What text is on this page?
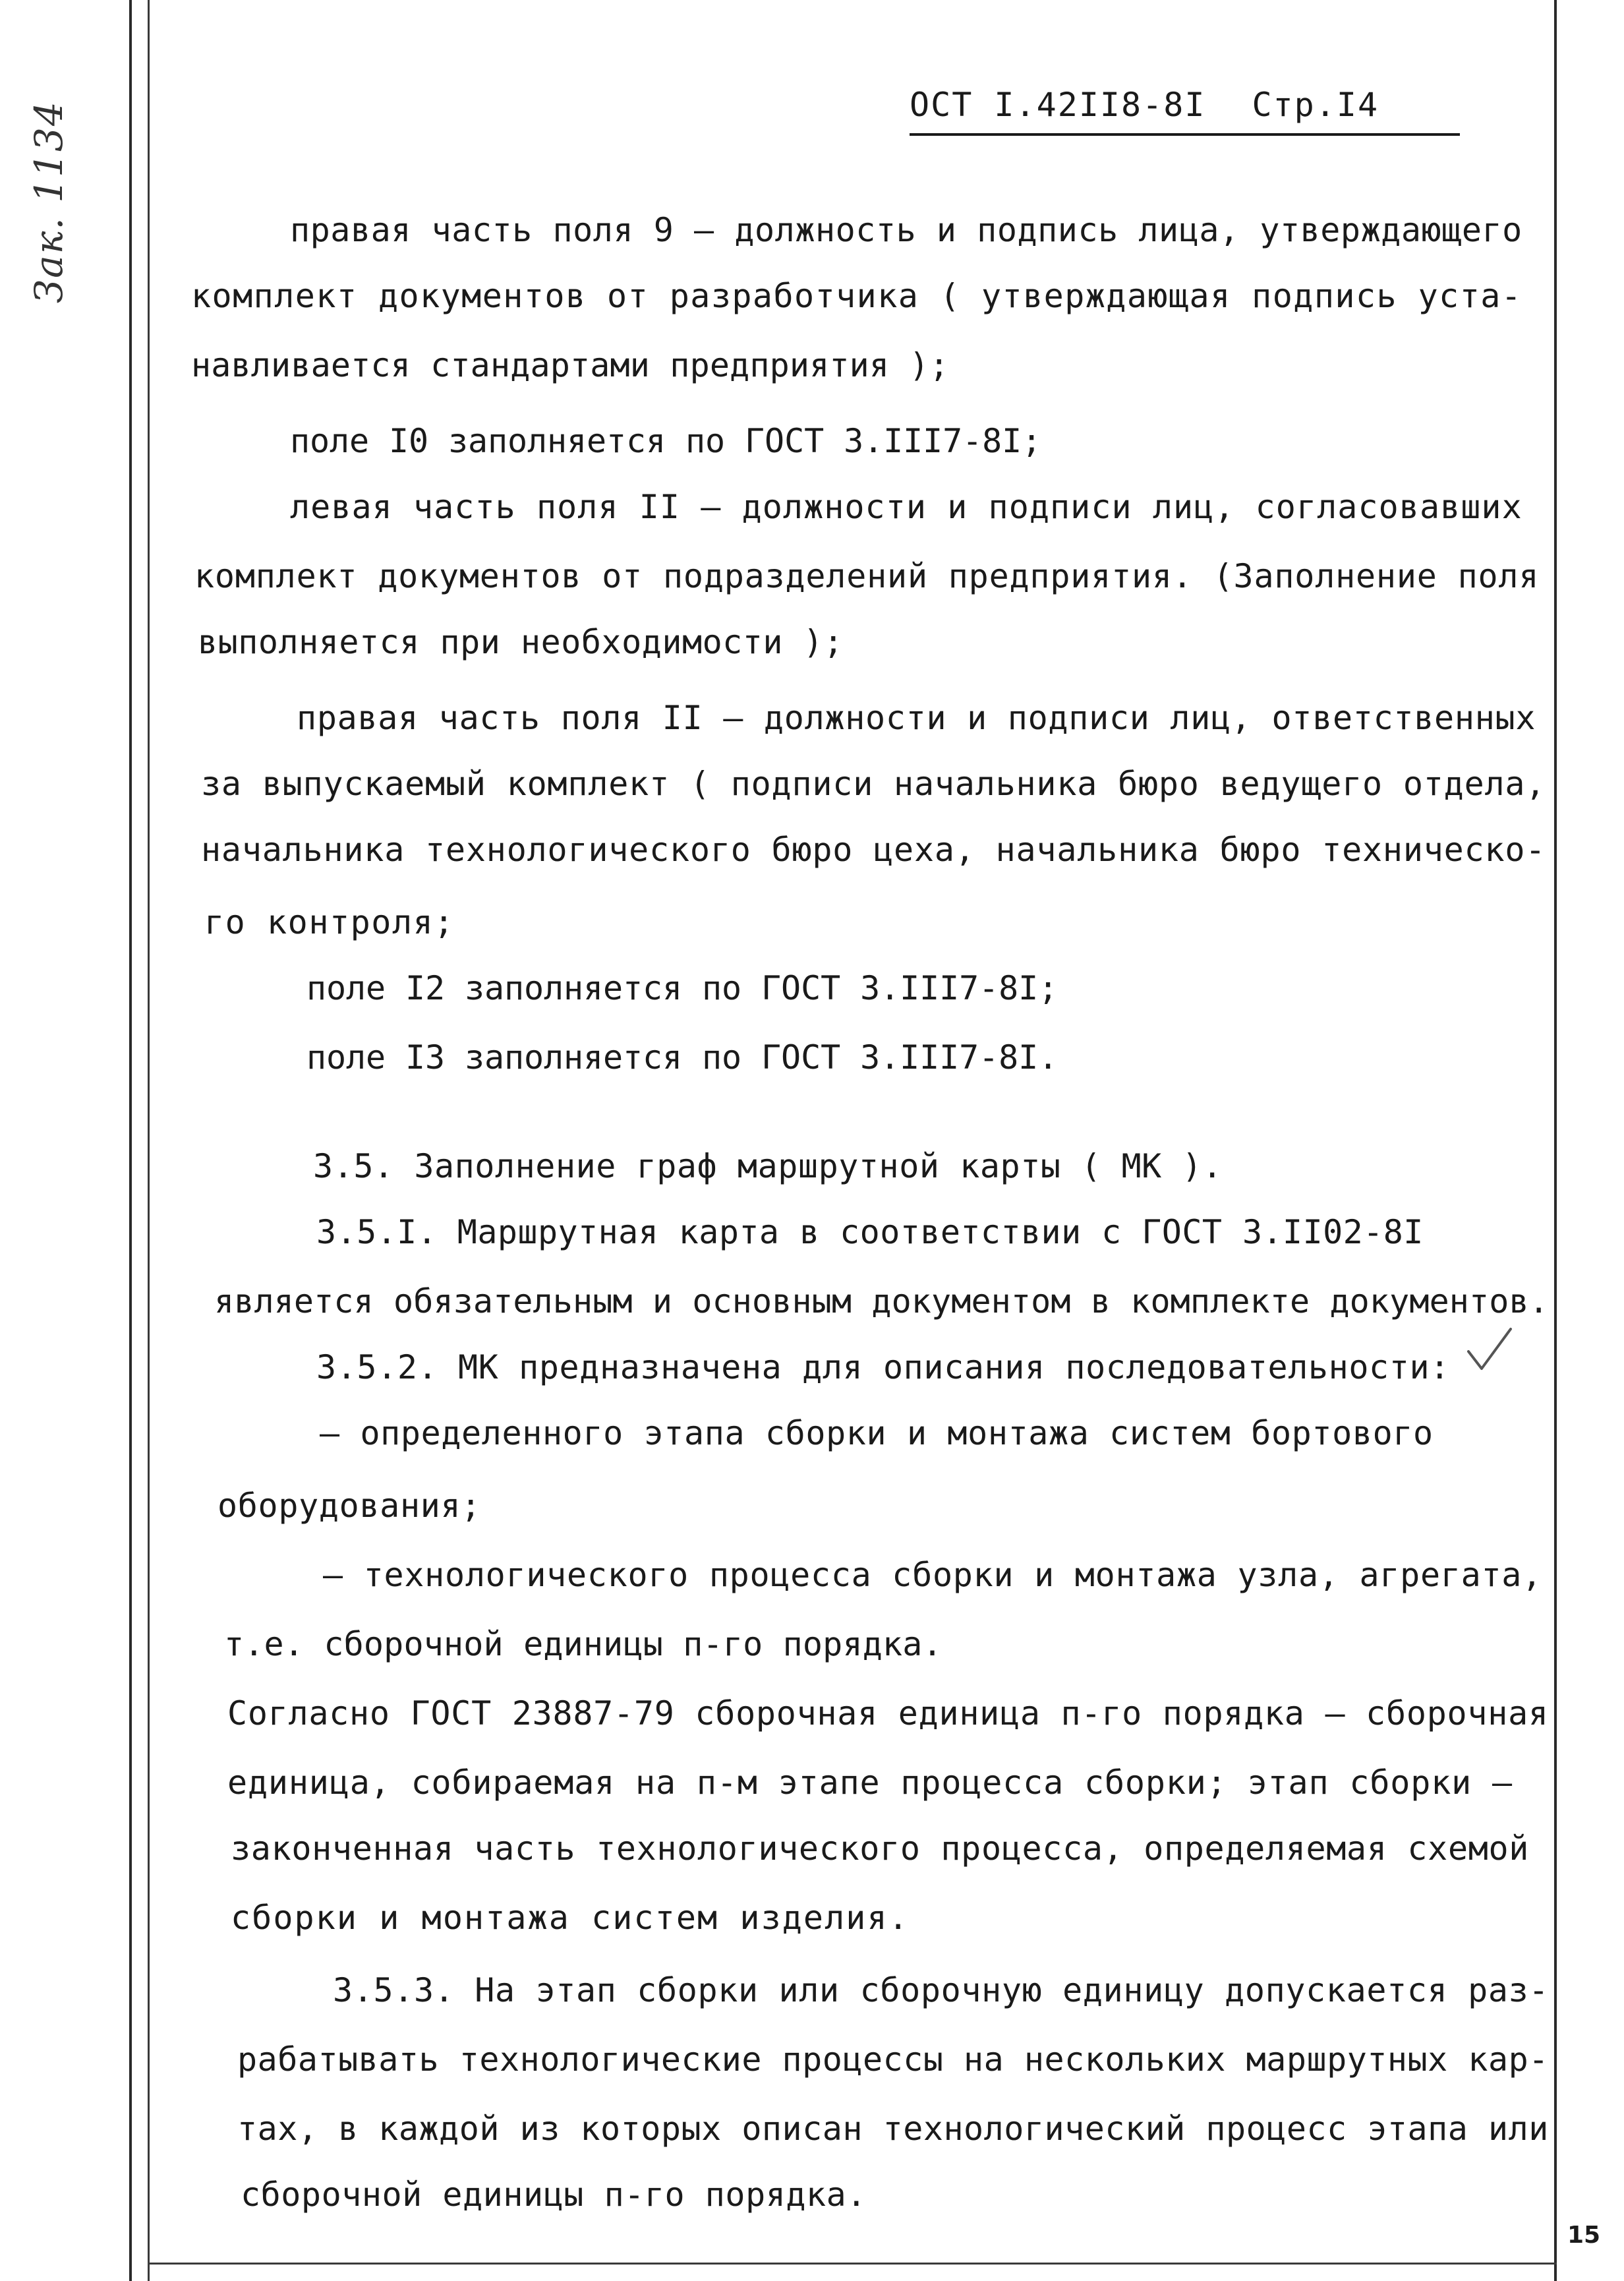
Зак. 1134	ОСТ I.42II8-8I Стр.I4
правая часть поля 9 – должность и подпись лица, утверждающего
комплект документов от разработчика ( утверждающая подпись уста-
навливается стандартами предприятия );
поле I0 заполняется по ГОСТ 3.III7-8I;
левая часть поля II – должности и подписи лиц, согласовавших
комплект документов от подразделений предприятия. (Заполнение поля
выполняется при необходимости );
правая часть поля II – должности и подписи лиц, ответственных
за выпускаемый комплект ( подписи начальника бюро ведущего отдела,
начальника технологического бюро цеха, начальника бюро техническо-
го контроля;
поле I2 заполняется по ГОСТ 3.III7-8I;
поле I3 заполняется по ГОСТ 3.III7-8I.
3.5. Заполнение граф маршрутной карты ( МК ).
3.5.I. Маршрутная карта в соответствии с ГОСТ 3.II02-8I
является обязательным и основным документом в комплекте документов.
3.5.2. МК предназначена для описания последовательности:
– определенного этапа сборки и монтажа систем бортового
оборудования;
– технологического процесса сборки и монтажа узла, агрегата,
т.е. сборочной единицы п-го порядка.
Согласно ГОСТ 23887-79 сборочная единица п-го порядка – сборочная
единица, собираемая на п-м этапе процесса сборки; этап сборки –
законченная часть технологического процесса, определяемая схемой
сборки и монтажа систем изделия.
3.5.3. На этап сборки или сборочную единицу допускается раз-
рабатывать технологические процессы на нескольких маршрутных кар-
тах, в каждой из которых описан технологический процесс этапа или
сборочной единицы п-го порядка.
15
